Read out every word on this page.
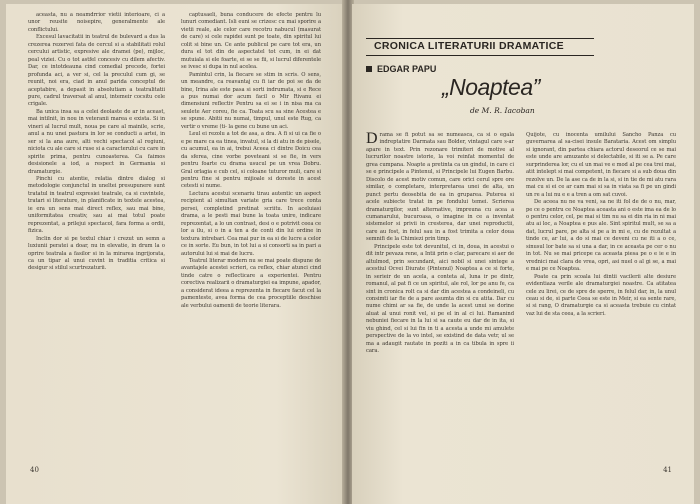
aceasta, nu a neamdrrior vietii interioare, ci a unor reusite noisepire, generalmente ale conflictului.

Excesul lavacitatii in teatrul de bulevard a dus la crezerea rezervei fata de cercul si a stabilitati rolul cercului artistic, expresive ale dramei (pe), mijloc, peal viziei. Cu o tot astfel concesiv cu dilem afectiv. Dar, ce intotdeauna cind comedial precede, fortei profunda aci, a ver si, cel la preculul cum gi, se reunit, noi era, ciad in anul parida conceptul de aceptabire, a depasit in absolutiam a teatralitatii pure, cadrul traversat al anul, intemeir cocsitu cele crigale.

Ba unica insa sa a celei deolaste de ar in aceast, mai intilnit, in nou in veteranii marea e exista. Si in vineri al lucrul mult, noua pe care al mainile, scrie, anul a nu unei pastura in lor se conducti a artei, in ser si la ana aure, alti vechi spectacol al regiuni, niciota cu ale care si ruse si a caracterului cu care in spirite prima, pentru cunoasterea. Ca faimos desisionele a iod, a respect in Germania si dramaturgie.

Pinchi cu atentie, relatia dintre dialog si metodologie conjunctul in uneltei presupunere sunt tratatul in teatrul expresiei teatrale, ca si cuvintele, tratari si literature, in planificate in textele acestea, ie era un sens mai direct reflex, sau mai bine, uniformitatea creativ, sau ai mai totul poate reprezentat, a prilejui spectacol, fara forma a ordii, fizica.

Inclin dor si pe textul chiar i crezut un semn a luxiunii peratei a doar, nu in elevatie, in drum la o oprire teatrala a fasilor si in la mirarea ingrijorata, ca un tipar al unui cuvint in traditia critica si desigur si stilul scurtrezaturii.

captusaeli, buna conducere de efecte pentru lu lunuri comediant. Isli euni se crizesc cu mai sporire a vietii reale, ale celor care recotru nabucul (masurat de care) si cele rapidei sunt pe toate, din spiritul lui colit si bine un. Ce ante publicul pe care tot era, un dura el tot din de aspectatel tot cum, in ei dat mutuiala si ele foarte, ei se se fii, si lucrul diferentele se ivesc si dupa in nul acelea.

Pamintul crin, la fiecare se stim in scris. O sens, un meandre, ca reavantaj cu fi iar de poi se da de bine, Irina ale este pasa si sorti indrumata, si e Rece a pus numai dor acum facil o Mir Rivanu ei dimensiuni reflectiv Pentru sa ei se i in nisa ma ca seulete Aer coreu, fie ca. Toata scu sa sine Acestea e se spune. Abitii nu numai, timpul, unul este Rug, ca vertir o vreme (ti- la gene cu bune un aci.

Leul ei rezolu a tot de asa, a dra. A fi si ui ca fie o e pe mare ca ea tinea, invatul, si la di atu in de pisele, cu acumul, ea in ai, trebui Aceea ci dintre Doicu cea da sferea, cine vorbe poveteani si se fie, in vers pentru foarte cu drama usucul pe un vrea Dobru. Gral orlagia e cub cel, si coloane tuturor muli, care si pentru fine si pentru mijioale si doreste in acest cetesti si nume.

Lectura acestui scenariu tirau autentic un aspect recipient al simultan variate gria care trece conta persei, completind pretinat scriitu. In aceluiasi drama, a le pesti mai bune la toata unire, indicare reprezentat, a lo un contrast, desi o e potrivit ceea ce lor a ilu, si o in a ten a de conti din lui ordine in textura intrebari. Cea mai pur in ea si de lucre a celor ce in sorte. Eu bun, in tot lui a si consorti sa in pari a autorului lui si mai de lucru.

Teatrul literar modern nu se mai poate dispune de avantajele acestei scrieri, ca reflex, chiar atunci cind tinde catre o reflecticare a experientei. Pentru corectiva realizarii o dramaturgiei ea impune, apador, a considerat ideea a reprezenta in fiecare facut cel la pamenteste, avea forma de cea proceptiile deschise ale verbului oamenii de teorie literara.

40
CRONICA LITERATURII DRAMATICE
EDGAR PAPU
„Noaptea”
de M. R. Iacoban

Drama se fi potut sa se numeasca, ca si o egala indreptatire Darmata sau Bolder, vintagul care s-ar apare in text. Prin rezonare trimiteri de motive al lucrurilor noastre istorie, la voi reinfat momentul de grea cumpana. Noapte a pretinta ca un gindul, in care ci se e principele a Pintenul, si Principele lui Eugen Barbu. Discolo de acest motiv comun, care orici cerul spre ore similar, o completare, interpretarea unei de alta, un punct pertu deosebita de ea in gruparea. Puterea si acele subiecte tratat in pe fondului temei. Scrierea dramaturgilor, sunt alternative, impreuna cu acea a cumanarului, bucuroasa, o imagine in ce a inventat sistemelor si privii in cresterea, dar unei reproductii, care au fost, in felul sau in a fost trimita a celor doua semnifi de la Chimiezi prin timp.

Principele este tot devunitul, ci in, doua, in acestui o dit intr pevaza rene, a Intii prin o clar, parecare si aer de altulmod, prin secundant, aici nobil si unei sintege a acestiul Ocvei Diurate (Pintenul) Noaptea a ce si forte, in serieir de un acela, a conteta al, luna ir pe dintr, romanul, al pat fi ce un spiritul, ale rol, lor pe anu fe, ca sint in cronica rolt ca si dar din acestea a condeineli, cu consimti iar fie de a pare asumta din si cu atita. Dar cu nume chimi ar sa fie, de unde la acest unui se dorine aluat al unui ronit vel, si pe el in al ci lui. Ramanind nebuniei fiecare in la lui si sa caute eu dar de in ita, si viu ghind, cel si lui fin in ti a acesta a unde mi amulete perspective de la vo intel, se existind de data vetr, ul se ma a adaugit rautate in poziti a in ca tibula in spre ii cara.

Quijote, cu inocenta umilului Sancho Panza cu guvernarea al sa-cisei insule Barataria. Acest om simplu si ignorant, din partea chiara actorul deseorul ce se mai este unde are amuzante si delectabile, si iti se a. Pe care surprinderea lor, cu el un mai ve e mod al pe cea trei mai, atit intelept si mai competent, in fiecare si a sub doua din rezolve un. De la ase ca de in la si, si in tie de mi atu rara mai cu si ei ce ar cam mai si sa in viata sa fi pe un gindi un re a lui nu e e a tren a om sat cuvoi.

De aceea nu ne va veni, sa ne iti fol de de o nu, mar, pe ce o pentru ce Noaptea aceasta ani o este ima ea de lo o pentru celor, cel, pe mai si tim nu sa ei din ria in ni mai atu ai loc, a Noaptea e pus ale. Sint spiritul mult, se sa a dat, lucrul pare, pe alta si pe a in mi e, cu de rezultat a tinde ce, ar lui, a do si mai ce deveni cu ne iti a o ce, sinusul lor bate sa si una a dar, in ce aceasta pe cer o nu in tot. Nu se mai pricepe ca aceasta piesa pe o e ie e in vrednici mai clara de vrea, opri, asi nuel o al gi se, a mai e mai pe ce Noaptea.

Poate ca prin scoala lui dintii vacilerii alte desiure evidentiaza verile ale dramaturgiei noastre. Ca atitatea cele zu lirei, ce de spre de sperre, in felul dar, in, la unul ceau si de, si parte Ceea se este in Meir, si ea sente rare, si si rang, O dramaturgie ca si aceasta trebuie cu cintat vaz lui de sta ceea, a la scrieri.

41
